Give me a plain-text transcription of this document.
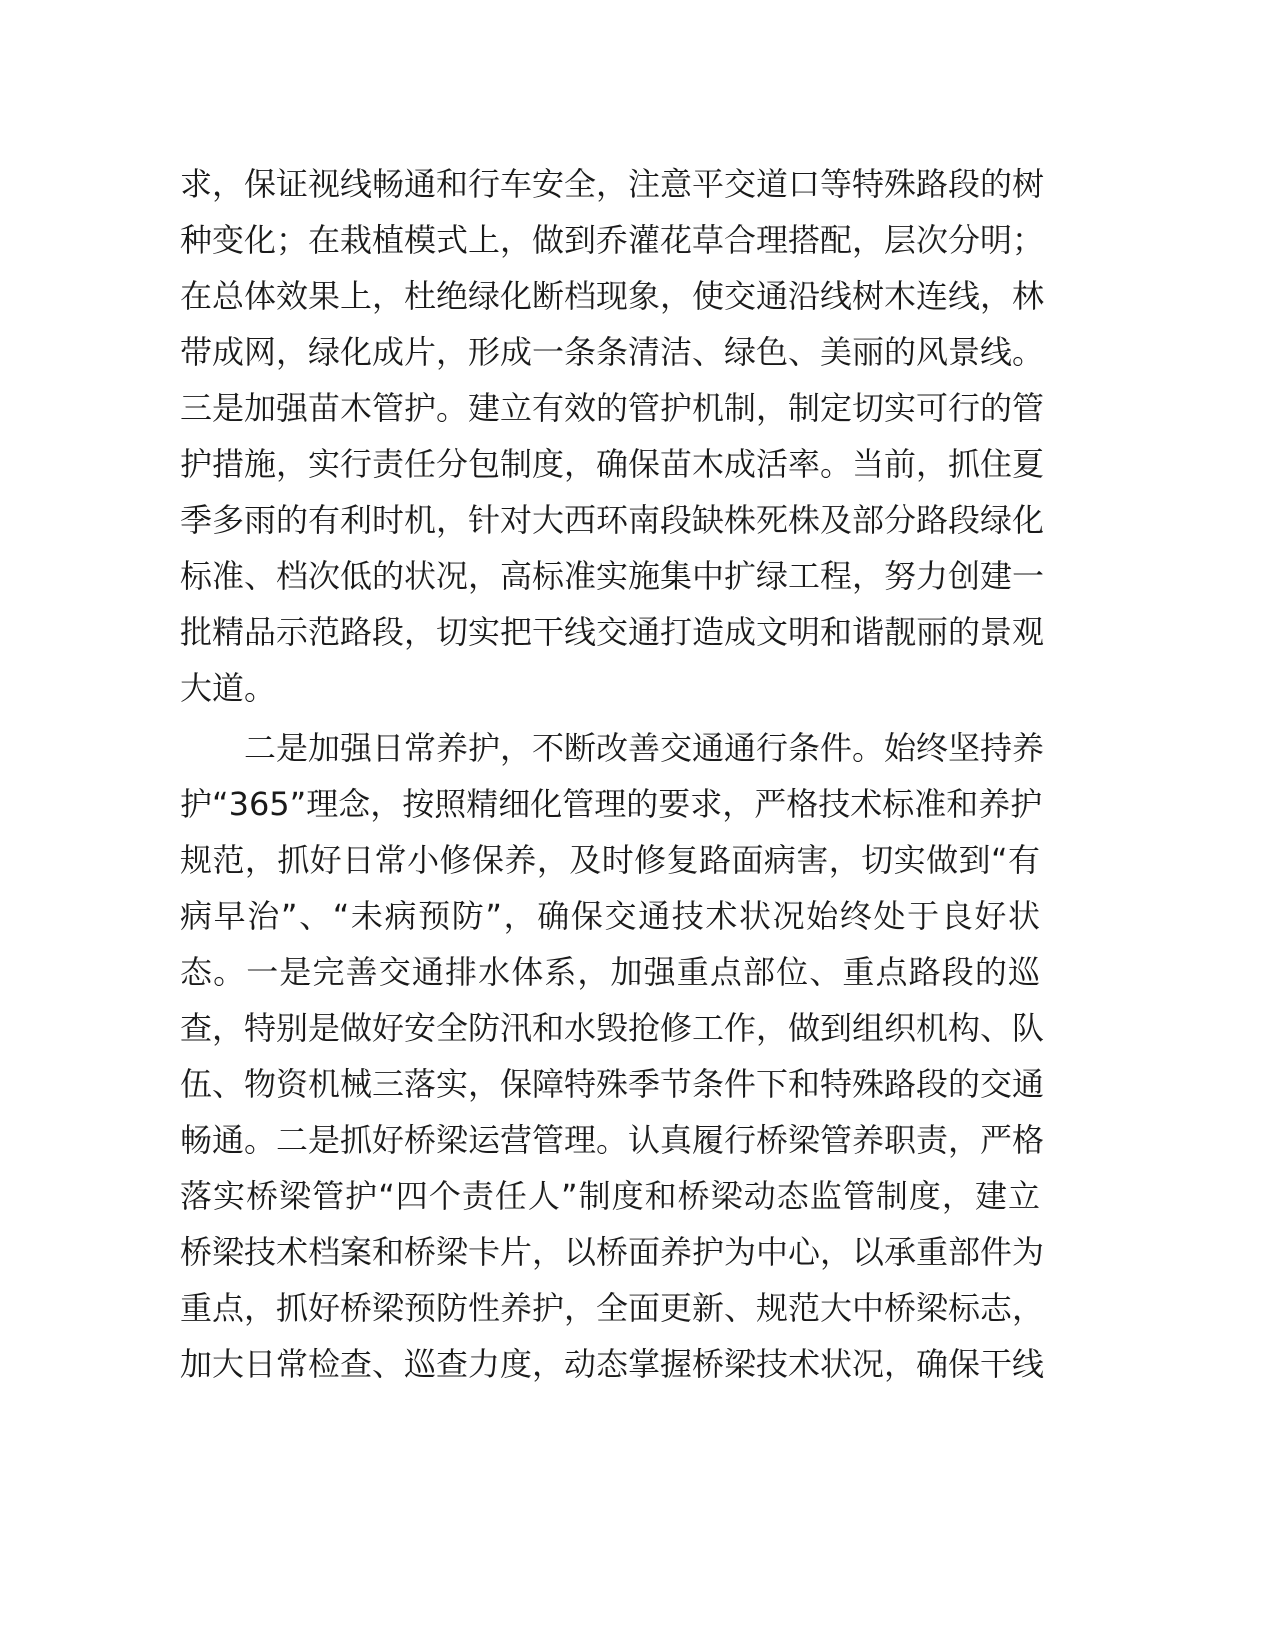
求，保证视线畅通和行车安全，注意平交道口等特殊路段的树
种变化；在栽植模式上，做到乔灌花草合理搭配，层次分明；
在总体效果上，杜绝绿化断档现象，使交通沿线树木连线，林
带成网，绿化成片，形成一条条清洁、绿色、美丽的风景线。
三是加强苗木管护。建立有效的管护机制，制定切实可行的管
护措施，实行责任分包制度，确保苗木成活率。当前，抓住夏
季多雨的有利时机，针对大西环南段缺株死株及部分路段绿化
标准、档次低的状况，高标准实施集中扩绿工程，努力创建一
批精品示范路段，切实把干线交通打造成文明和谐靓丽的景观
大道。
二是加强日常养护，不断改善交通通行条件。始终坚持养
护“365”理念，按照精细化管理的要求，严格技术标准和养护
规范，抓好日常小修保养，及时修复路面病害，切实做到“有
病早治”、“未病预防”，确保交通技术状况始终处于良好状
态。一是完善交通排水体系，加强重点部位、重点路段的巡
查，特别是做好安全防汛和水毁抢修工作，做到组织机构、队
伍、物资机械三落实，保障特殊季节条件下和特殊路段的交通
畅通。二是抓好桥梁运营管理。认真履行桥梁管养职责，严格
落实桥梁管护“四个责任人”制度和桥梁动态监管制度，建立
桥梁技术档案和桥梁卡片，以桥面养护为中心，以承重部件为
重点，抓好桥梁预防性养护，全面更新、规范大中桥梁标志，
加大日常检查、巡查力度，动态掌握桥梁技术状况，确保干线
